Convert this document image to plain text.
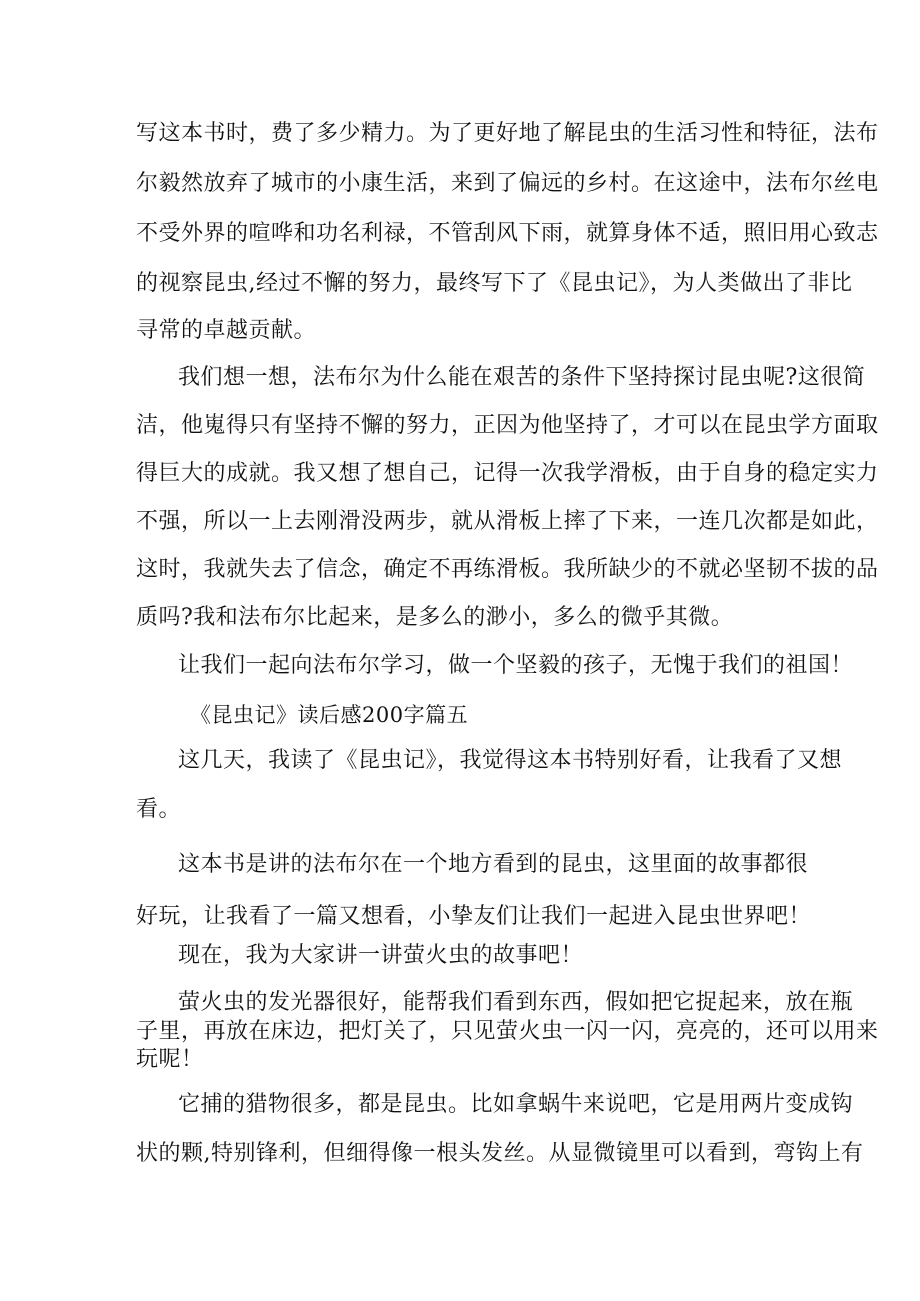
写这本书时，费了多少精力。为了更好地了解昆虫的生活习性和特征，法布
尔毅然放弃了城市的小康生活，来到了偏远的乡村。在这途中，法布尔丝电
不受外界的喧哗和功名利禄，不管刮风下雨，就算身体不适，照旧用心致志
的视察昆虫,经过不懈的努力，最终写下了《昆虫记》，为人类做出了非比
寻常的卓越贡献。
我们想一想，法布尔为什么能在艰苦的条件下坚持探讨昆虫呢?这很简
洁，他嵬得只有坚持不懈的努力，正因为他坚持了，才可以在昆虫学方面取
得巨大的成就。我又想了想自己，记得一次我学滑板，由于自身的稳定实力
不强，所以一上去刚滑没两步，就从滑板上摔了下来，一连几次都是如此，
这时，我就失去了信念，确定不再练滑板。我所缺少的不就必坚韧不拔的品
质吗?我和法布尔比起来，是多么的渺小，多么的微乎其微。
让我们一起向法布尔学习，做一个坚毅的孩子，无愧于我们的祖国！
《昆虫记》读后感200字篇五
这几天，我读了《昆虫记》，我觉得这本书特别好看，让我看了又想
看。
这本书是讲的法布尔在一个地方看到的昆虫，这里面的故事都很
好玩，让我看了一篇又想看，小挚友们让我们一起进入昆虫世界吧！
现在，我为大家讲一讲萤火虫的故事吧！
萤火虫的发光器很好，能帮我们看到东西，假如把它捉起来，放在瓶
子里，再放在床边，把灯关了，只见萤火虫一闪一闪，亮亮的，还可以用来
玩呢！
它捕的猎物很多，都是昆虫。比如拿蜗牛来说吧，它是用两片变成钩
状的颗,特别锋利，但细得像一根头发丝。从显微镜里可以看到，弯钩上有
